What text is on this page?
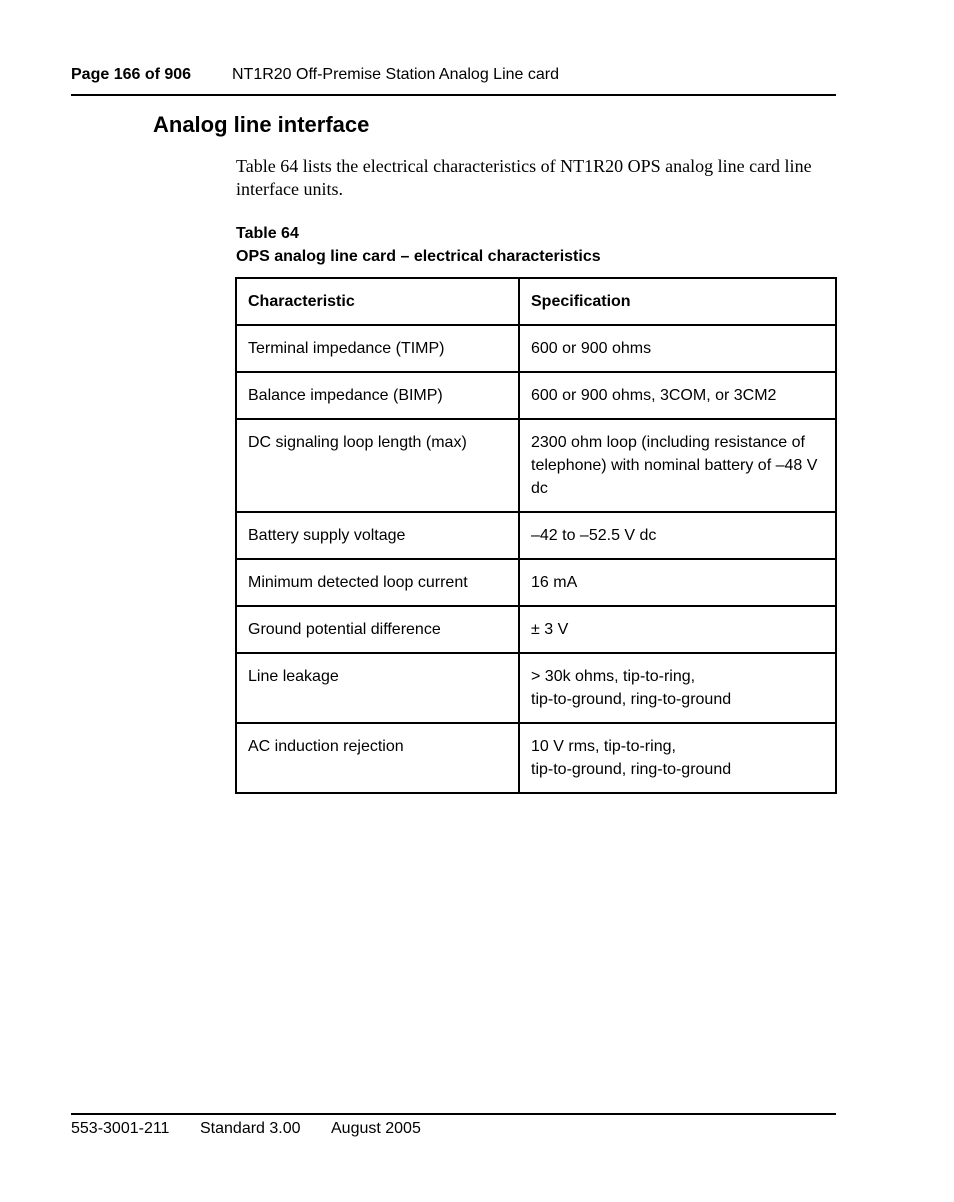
Page 166 of 906	NT1R20 Off-Premise Station Analog Line card
Analog line interface
Table 64 lists the electrical characteristics of NT1R20 OPS analog line card line interface units.
Table 64
OPS analog line card – electrical characteristics
Characteristic	Specification
Terminal impedance (TIMP)	600 or 900 ohms
Balance impedance (BIMP)	600 or 900 ohms, 3COM, or 3CM2
DC signaling loop length (max)	2300 ohm loop (including resistance of telephone) with nominal battery of –48 V dc
Battery supply voltage	–42 to –52.5 V dc
Minimum detected loop current	16 mA
Ground potential difference	± 3 V
Line leakage	> 30k ohms, tip-to-ring,
tip-to-ground, ring-to-ground
AC induction rejection	10 V rms, tip-to-ring,
tip-to-ground, ring-to-ground
553-3001-211 Standard 3.00 August 2005
